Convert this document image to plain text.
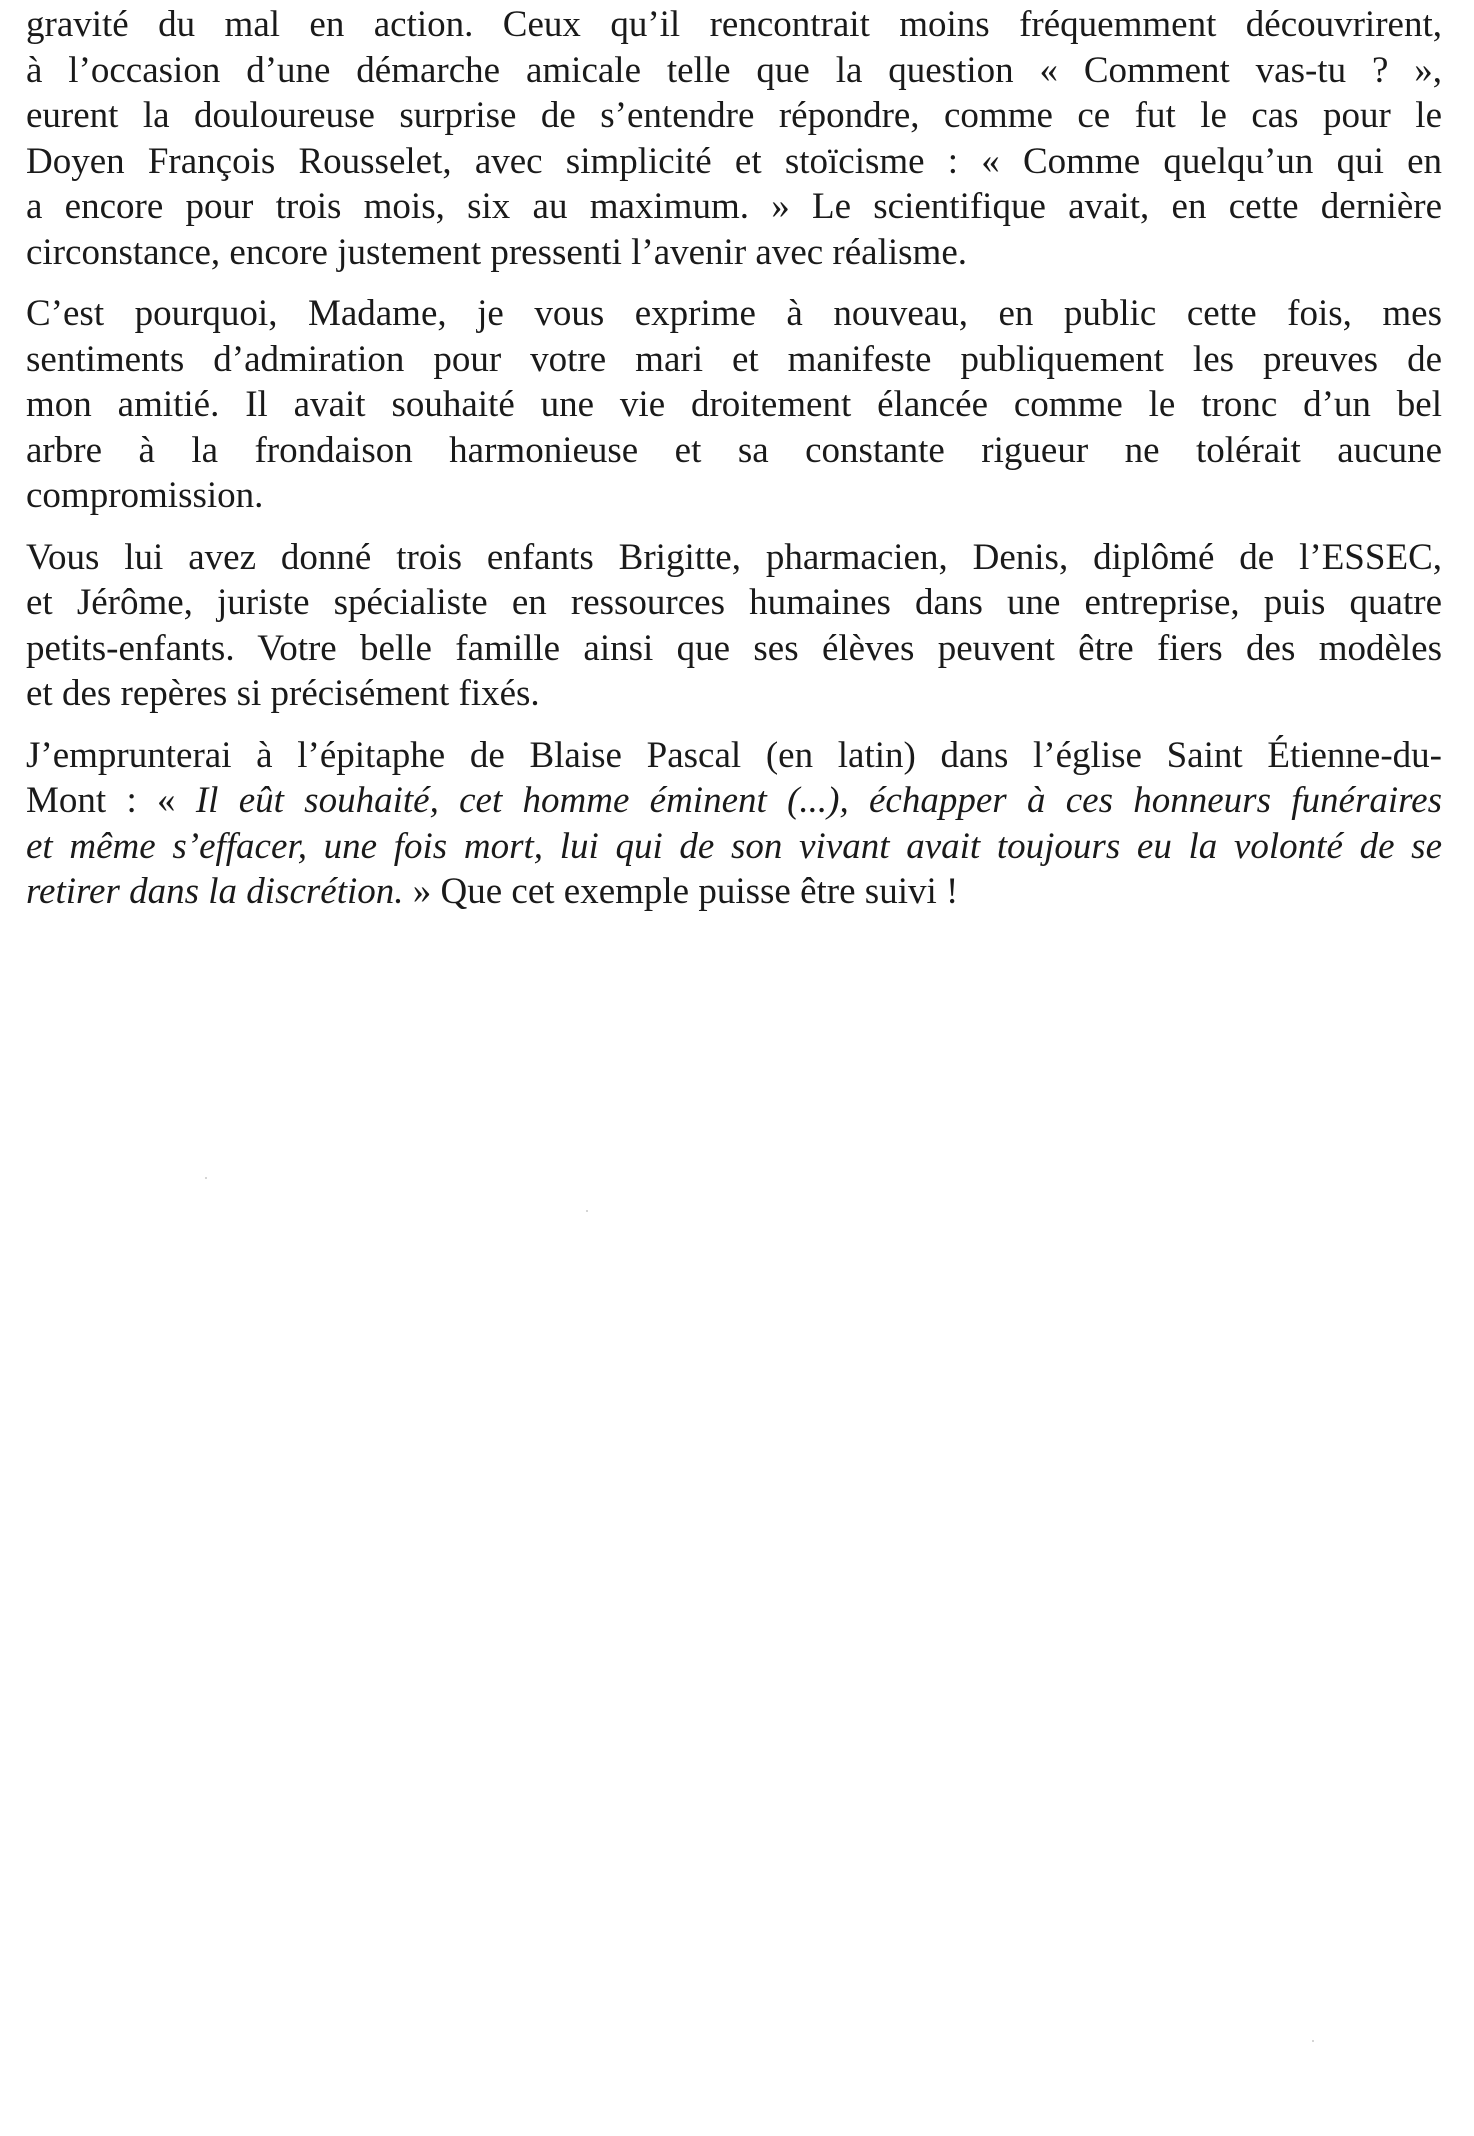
gravité du mal en action. Ceux qu’il rencontrait moins fréquemment découvrirent,
à l’occasion d’une démarche amicale telle que la question « Comment vas-tu ? »,
eurent la douloureuse surprise de s’entendre répondre, comme ce fut le cas pour le
Doyen François Rousselet, avec simplicité et stoïcisme : « Comme quelqu’un qui en
a encore pour trois mois, six au maximum. » Le scientifique avait, en cette dernière
circonstance, encore justement pressenti l’avenir avec réalisme.
C’est pourquoi, Madame, je vous exprime à nouveau, en public cette fois, mes
sentiments d’admiration pour votre mari et manifeste publiquement les preuves de
mon amitié. Il avait souhaité une vie droitement élancée comme le tronc d’un bel
arbre à la frondaison harmonieuse et sa constante rigueur ne tolérait aucune
compromission.
Vous lui avez donné trois enfants Brigitte, pharmacien, Denis, diplômé de l’ESSEC,
et Jérôme, juriste spécialiste en ressources humaines dans une entreprise, puis quatre
petits-enfants. Votre belle famille ainsi que ses élèves peuvent être fiers des modèles
et des repères si précisément fixés.
J’emprunterai à l’épitaphe de Blaise Pascal (en latin) dans l’église Saint Étienne-du-
Mont : « Il eût souhaité, cet homme éminent (...), échapper à ces honneurs funéraires
et même s’effacer, une fois mort, lui qui de son vivant avait toujours eu la volonté de se
retirer dans la discrétion. » Que cet exemple puisse être suivi !
